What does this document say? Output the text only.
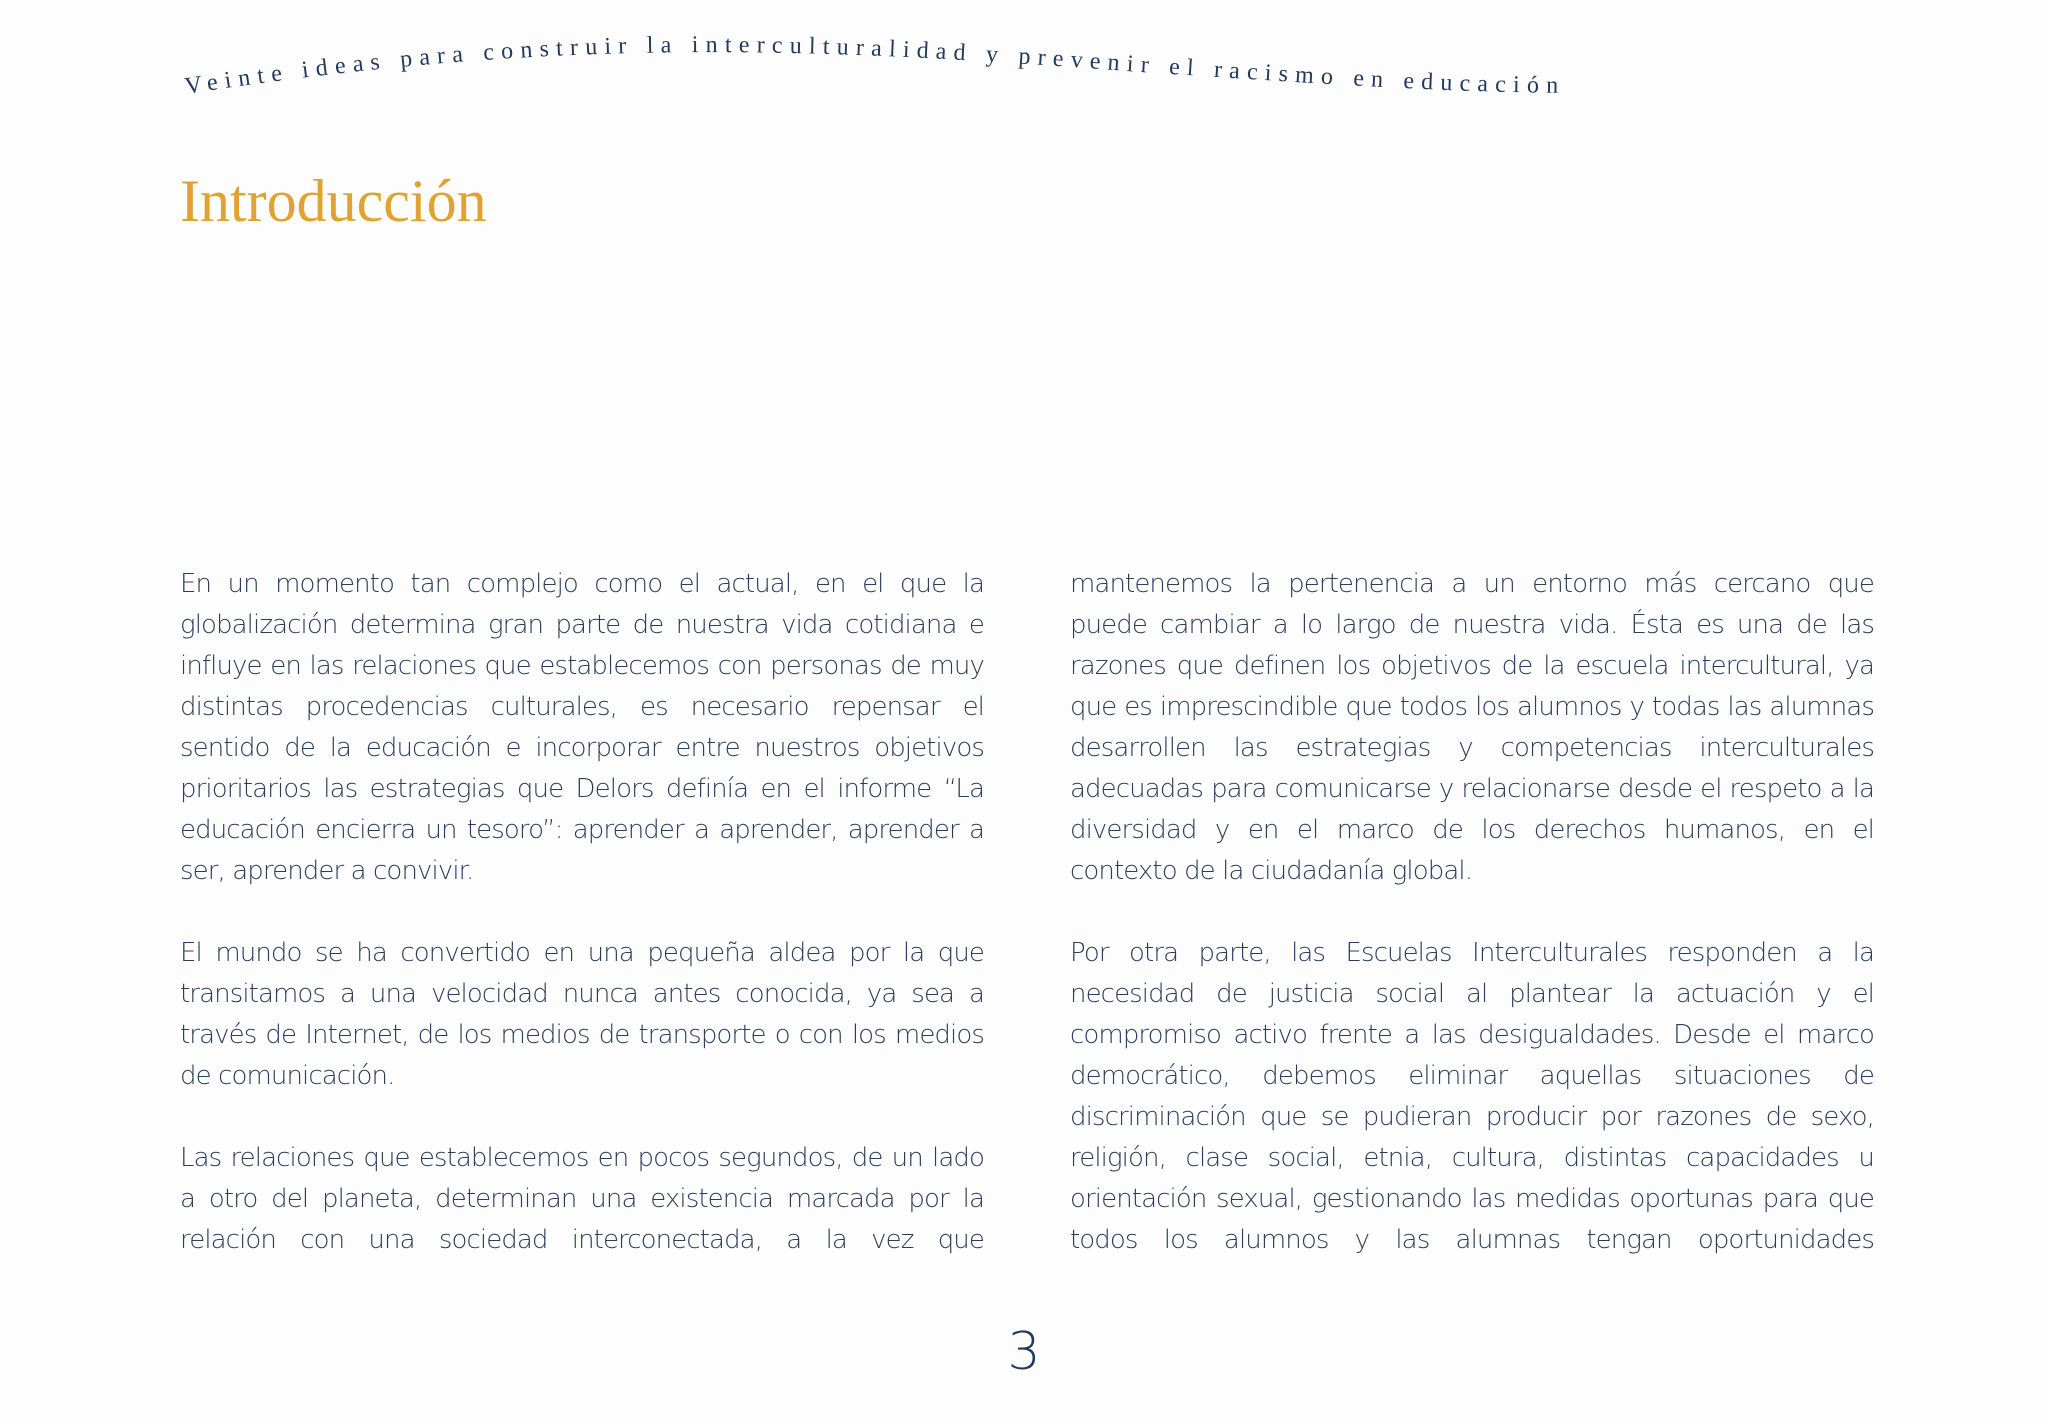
Veinte ideas para construir la interculturalidad y prevenir el racismo en educación
Introducción

En un momento tan complejo como el actual, en el que la globalización determina gran parte de nuestra vida cotidiana e influye en las relaciones que establecemos con personas de muy distintas procedencias culturales, es necesario repensar el sentido de la educación e incorporar entre nuestros objetivos prioritarios las estrategias que Delors definía en el informe “La educación encierra un tesoro”: aprender a aprender, aprender a ser, aprender a convivir.

El mundo se ha convertido en una pequeña aldea por la que transitamos a una velocidad nunca antes conocida, ya sea a través de Internet, de los medios de transporte o con los medios de comunicación.

Las relaciones que establecemos en pocos segundos, de un lado a otro del planeta, determinan una existencia marcada por la relación con una sociedad interconectada, a la vez que

mantenemos la pertenencia a un entorno más cercano que puede cambiar a lo largo de nuestra vida. Ésta es una de las razones que definen los objetivos de la escuela intercultural, ya que es imprescindible que todos los alumnos y todas las alumnas desarrollen las estrategias y competencias interculturales adecuadas para comunicarse y relacionarse desde el respeto a la diversidad y en el marco de los derechos humanos, en el contexto de la ciudadanía global.

Por otra parte, las Escuelas Interculturales responden a la necesidad de justicia social al plantear la actuación y el compromiso activo frente a las desigualdades. Desde el marco democrático, debemos eliminar aquellas situaciones de discriminación que se pudieran producir por razones de sexo, religión, clase social, etnia, cultura, distintas capacidades u orientación sexual, gestionando las medidas oportunas para que todos los alumnos y las alumnas tengan oportunidades

3
